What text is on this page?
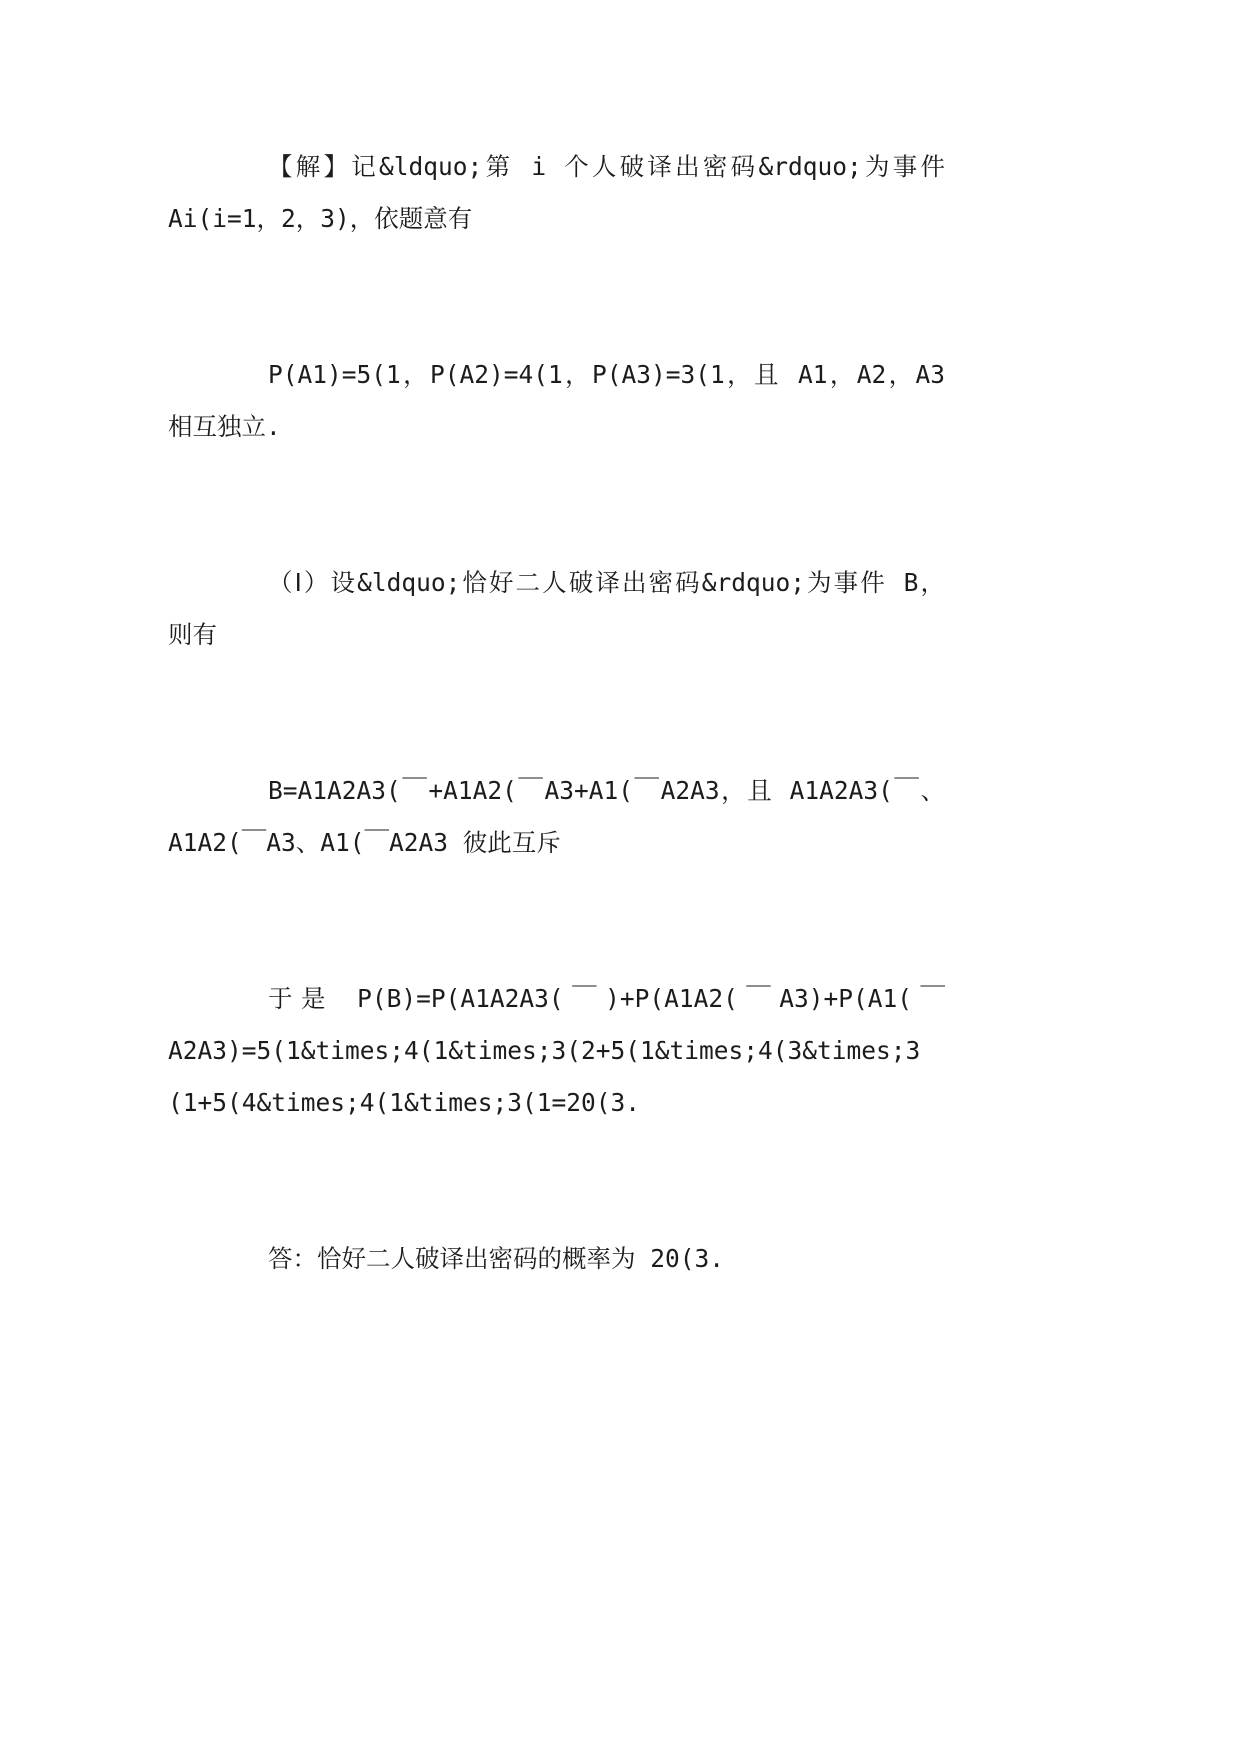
【解】记&ldquo;第 i 个人破译出密码&rdquo;为事件
Ai(i=1，2，3)，依题意有
P(A1)=5(1，P(A2)=4(1，P(A3)=3(1，且 A1，A2，A3
相互独立.
（Ⅰ）设&ldquo;恰好二人破译出密码&rdquo;为事件 B，
则有
B=A1A2A3(￣+A1A2(￣A3+A1(￣A2A3，且 A1A2A3(￣、
A1A2(￣A3、A1(￣A2A3 彼此互斥
于是 P(B)=P(A1A2A3(￣)+P(A1A2(￣A3)+P(A1(￣
A2A3)=5(1&times;4(1&times;3(2+5(1&times;4(3&times;3
(1+5(4&times;4(1&times;3(1=20(3.
答：恰好二人破译出密码的概率为 20(3.
